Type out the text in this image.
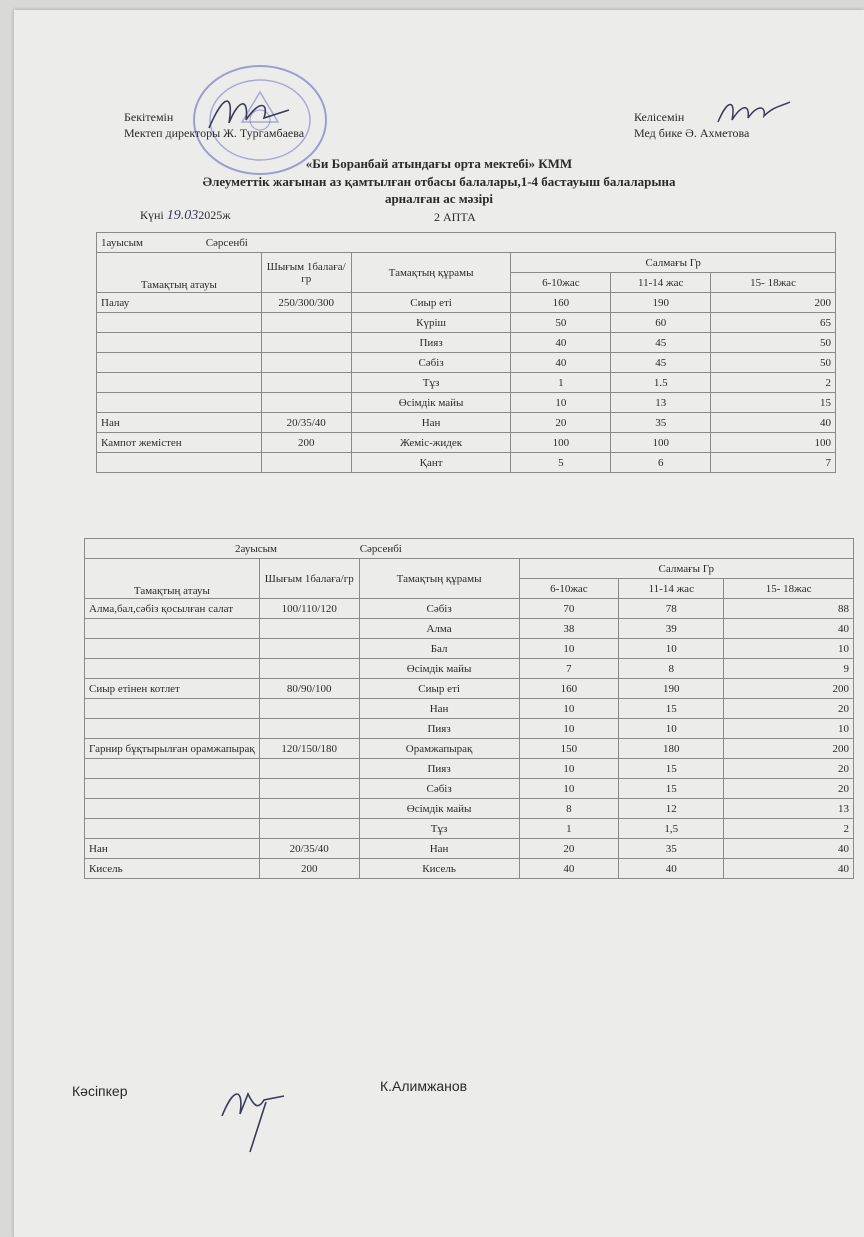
Бекітемін
Мектеп директоры Ж. Тургамбаева
Келісемін
Мед бике Ә. Ахметова
«Би Боранбай атындағы орта мектебі» КММ
Әлеуметтік жағынан аз қамтылған отбасы балалары,1-4 бастауыш балаларына
арналған ас мәзірі
Күні 19.032025ж	2 АПТА
1ауысым Сәрсенбі					
Тамақтың атауы	Шығым 1балаға/гр	Тамақтың құрамы	Салмағы Гр		
			6-10жас	11-14 жас	15- 18жас
Палау	250/300/300	Сиыр еті	160	190	200
		Күріш	50	60	65
		Пияз	40	45	50
		Сәбіз	40	45	50
		Тұз	1	1.5	2
		Өсімдік майы	10	13	15
Нан	20/35/40	Нан	20	35	40
Кампот жемістен	200	Жеміс-жидек	100	100	100
		Қант	5	6	7
2ауысым Сәрсенбі					
Тамақтың атауы	Шығым 1балаға/гр	Тамақтың құрамы	Салмағы Гр		
			6-10жас	11-14 жас	15- 18жас
Алма,бал,сәбіз қосылған салат	100/110/120	Сәбіз	70	78	88
		Алма	38	39	40
		Бал	10	10	10
		Өсімдік майы	7	8	9
Сиыр етінен котлет	80/90/100	Сиыр еті	160	190	200
		Нан	10	15	20
		Пияз	10	10	10
Гарнир бұқтырылған орамжапырақ	120/150/180	Орамжапырақ	150	180	200
		Пияз	10	15	20
		Сәбіз	10	15	20
		Өсімдік майы	8	12	13
		Тұз	1	1,5	2
Нан	20/35/40	Нан	20	35	40
Кисель	200	Кисель	40	40	40
Кәсіпкер	К.Алимжанов
